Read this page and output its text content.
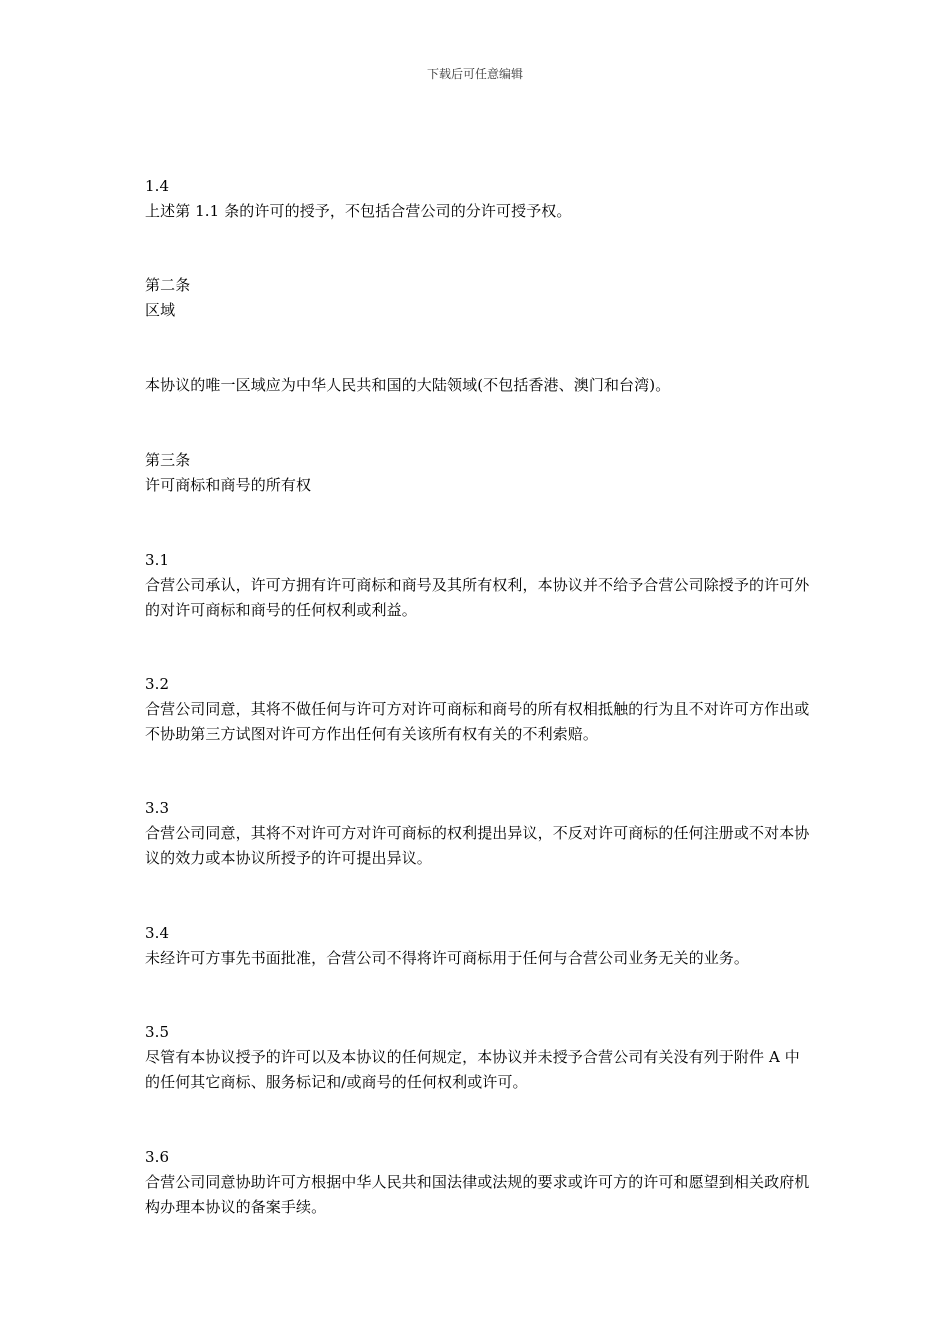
下载后可任意编辑
1.4
上述第 1.1 条的许可的授予，不包括合营公司的分许可授予权。
第二条
区域
本协议的唯一区域应为中华人民共和国的大陆领域(不包括香港、澳门和台湾)。
第三条
许可商标和商号的所有权
3.1
合营公司承认，许可方拥有许可商标和商号及其所有权利，本协议并不给予合营公司除授予的许可外的对许可商标和商号的任何权利或利益。
3.2
合营公司同意，其将不做任何与许可方对许可商标和商号的所有权相抵触的行为且不对许可方作出或不协助第三方试图对许可方作出任何有关该所有权有关的不利索赔。
3.3
合营公司同意，其将不对许可方对许可商标的权利提出异议，不反对许可商标的任何注册或不对本协议的效力或本协议所授予的许可提出异议。
3.4
未经许可方事先书面批准，合营公司不得将许可商标用于任何与合营公司业务无关的业务。
3.5
尽管有本协议授予的许可以及本协议的任何规定，本协议并未授予合营公司有关没有列于附件 A 中的任何其它商标、服务标记和/或商号的任何权利或许可。
3.6
合营公司同意协助许可方根据中华人民共和国法律或法规的要求或许可方的许可和愿望到相关政府机构办理本协议的备案手续。
